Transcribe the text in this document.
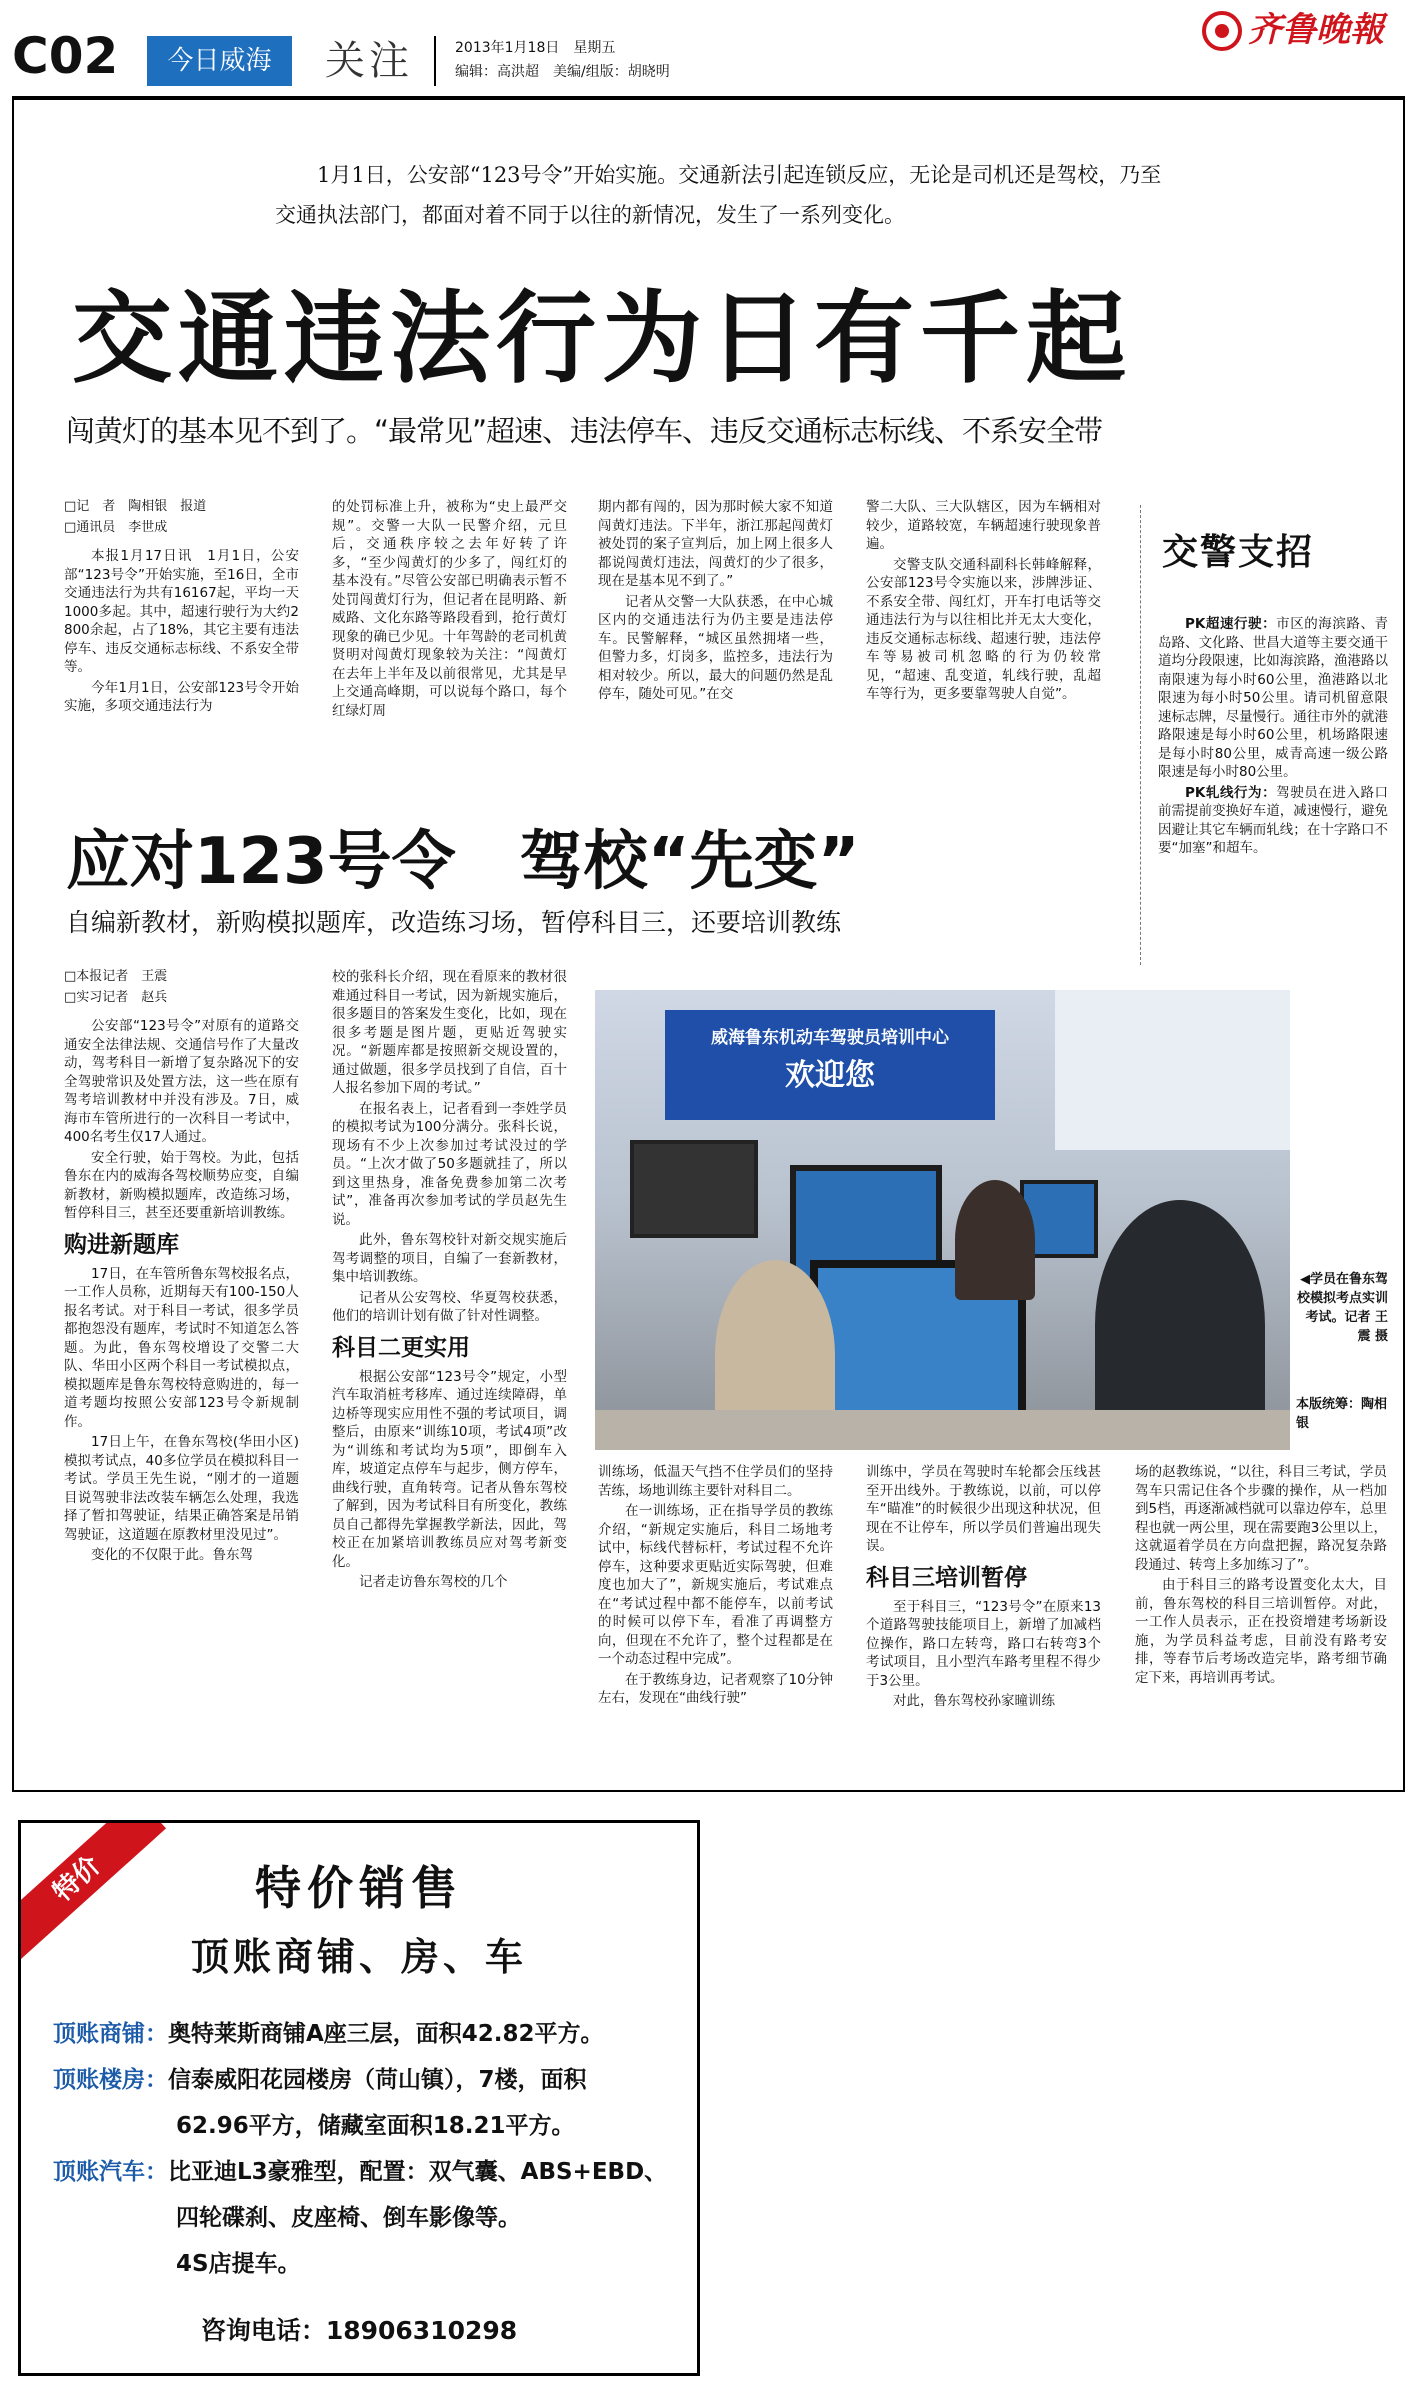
C02	今日威海	关注	2013年1月18日　星期五
编辑：高洪超　美编/组版：胡晓明
齐鲁晚報
1月1日，公安部“123号令”开始实施。交通新法引起连锁反应，无论是司机还是驾校，乃至交通执法部门，都面对着不同于以往的新情况，发生了一系列变化。
交通违法行为日有千起
闯黄灯的基本见不到了。“最常见”超速、违法停车、违反交通标志标线、不系安全带

□记　者　陶相银　报道

□通讯员　李世成

本报1月17日讯　1月1日，公安部“123号令”开始实施，至16日，全市交通违法行为共有16167起，平均一天1000多起。其中，超速行驶行为大约2800余起，占了18%，其它主要有违法停车、违反交通标志标线、不系安全带等。

今年1月1日，公安部123号令开始实施，多项交通违法行为

的处罚标准上升，被称为“史上最严交规”。交警一大队一民警介绍，元旦后，交通秩序较之去年好转了许多，“至少闯黄灯的少多了，闯红灯的基本没有。”尽管公安部已明确表示暂不处罚闯黄灯行为，但记者在昆明路、新威路、文化东路等路段看到，抢行黄灯现象的确已少见。十年驾龄的老司机黄贤明对闯黄灯现象较为关注：“闯黄灯在去年上半年及以前很常见，尤其是早上交通高峰期，可以说每个路口，每个红绿灯周

期内都有闯的，因为那时候大家不知道闯黄灯违法。下半年，浙江那起闯黄灯被处罚的案子宣判后，加上网上很多人都说闯黄灯违法，闯黄灯的少了很多，现在是基本见不到了。”

记者从交警一大队获悉，在中心城区内的交通违法行为仍主要是违法停车。民警解释，“城区虽然拥堵一些，但警力多，灯岗多，监控多，违法行为相对较少。所以，最大的问题仍然是乱停车，随处可见。”在交

警二大队、三大队辖区，因为车辆相对较少，道路较宽，车辆超速行驶现象普遍。

交警支队交通科副科长韩峰解释，公安部123号令实施以来，涉牌涉证、不系安全带、闯红灯，开车打电话等交通违法行为与以往相比并无太大变化，违反交通标志标线、超速行驶，违法停车等易被司机忽略的行为仍较常见，“超速、乱变道，轧线行驶，乱超车等行为，更多要靠驾驶人自觉”。

交警支招

PK超速行驶：市区的海滨路、青岛路、文化路、世昌大道等主要交通干道均分段限速，比如海滨路，渔港路以南限速为每小时60公里，渔港路以北限速为每小时50公里。请司机留意限速标志牌，尽量慢行。通往市外的就港路限速是每小时60公里，机场路限速是每小时80公里，威青高速一级公路限速是每小时80公里。

PK轧线行为：驾驶员在进入路口前需提前变换好车道，减速慢行，避免因避让其它车辆而轧线；在十字路口不要“加塞”和超车。

应对123号令　驾校“先变”
自编新教材，新购模拟题库，改造练习场，暂停科目三，还要培训教练

□本报记者　王震

□实习记者　赵兵

公安部“123号令”对原有的道路交通安全法律法规、交通信号作了大量改动，驾考科目一新增了复杂路况下的安全驾驶常识及处置方法，这一些在原有驾考培训教材中并没有涉及。7日，威海市车管所进行的一次科目一考试中，400名考生仅17人通过。

安全行驶，始于驾校。为此，包括鲁东在内的威海各驾校顺势应变，自编新教材，新购模拟题库，改造练习场，暂停科目三，甚至还要重新培训教练。

购进新题库

17日，在车管所鲁东驾校报名点，一工作人员称，近期每天有100-150人报名考试。对于科目一考试，很多学员都抱怨没有题库，考试时不知道怎么答题。为此，鲁东驾校增设了交警二大队、华田小区两个科目一考试模拟点，模拟题库是鲁东驾校特意购进的，每一道考题均按照公安部123号令新规制作。

17日上午，在鲁东驾校(华田小区)模拟考试点，40多位学员在模拟科目一考试。学员王先生说，“刚才的一道题目说驾驶非法改装车辆怎么处理，我选择了暂扣驾驶证，结果正确答案是吊销驾驶证，这道题在原教材里没见过”。

变化的不仅限于此。鲁东驾

校的张科长介绍，现在看原来的教材很难通过科目一考试，因为新规实施后，很多题目的答案发生变化，比如，现在很多考题是图片题，更贴近驾驶实况。“新题库都是按照新交规设置的，通过做题，很多学员找到了自信，百十人报名参加下周的考试。”

在报名表上，记者看到一李姓学员的模拟考试为100分满分。张科长说，现场有不少上次参加过考试没过的学员。“上次才做了50多题就挂了，所以到这里热身，准备免费参加第二次考试”，准备再次参加考试的学员赵先生说。

此外，鲁东驾校针对新交规实施后驾考调整的项目，自编了一套新教材，集中培训教练。

记者从公安驾校、华夏驾校获悉，他们的培训计划有做了针对性调整。

科目二更实用

根据公安部“123号令”规定，小型汽车取消桩考移库、通过连续障碍，单边桥等现实应用性不强的考试项目，调整后，由原来“训练10项，考试4项”改为“训练和考试均为5项”，即倒车入库，坡道定点停车与起步，侧方停车，曲线行驶，直角转弯。记者从鲁东驾校了解到，因为考试科目有所变化，教练员自己都得先掌握教学新法，因此，驾校正在加紧培训教练员应对驾考新变化。

记者走访鲁东驾校的几个

威海鲁东机动车驾驶员培训中心
欢迎您
◀学员在鲁东驾校模拟考点实训考试。记者 王震 摄
本版统筹：陶相银

训练场，低温天气挡不住学员们的坚持苦练，场地训练主要针对科目二。

在一训练场，正在指导学员的教练介绍，“新规定实施后，科目二场地考试中，标线代替标杆，考试过程不允许停车，这种要求更贴近实际驾驶，但难度也加大了”，新规实施后，考试难点在“考试过程中都不能停车，以前考试的时候可以停下车，看准了再调整方向，但现在不允许了，整个过程都是在一个动态过程中完成”。

在于教练身边，记者观察了10分钟左右，发现在“曲线行驶”

训练中，学员在驾驶时车轮都会压线甚至开出线外。于教练说，以前，可以停车“瞄准”的时候很少出现这种状况，但现在不让停车，所以学员们普遍出现失误。

科目三培训暂停

至于科目三，“123号令”在原来13个道路驾驶技能项目上，新增了加减档位操作，路口左转弯，路口右转弯3个考试项目，且小型汽车路考里程不得少于3公里。

对此，鲁东驾校孙家曈训练

场的赵教练说，“以往，科目三考试，学员驾车只需记住各个步骤的操作，从一档加到5档，再逐渐减档就可以靠边停车，总里程也就一两公里，现在需要跑3公里以上，这就逼着学员在方向盘把握，路况复杂路段通过、转弯上多加练习了”。

由于科目三的路考设置变化太大，目前，鲁东驾校的科目三培训暂停。对此，一工作人员表示，正在投资增建考场新设施，为学员科益考虑，目前没有路考安排，等春节后考场改造完毕，路考细节确定下来，再培训再考试。

特价	特价销售
顶账商铺、房、车
顶账商铺：奥特莱斯商铺A座三层，面积42.82平方。
顶账楼房：信泰威阳花园楼房（苘山镇），7楼，面积
62.96平方，储藏室面积18.21平方。
顶账汽车：比亚迪L3豪雅型，配置：双气囊、ABS+EBD、
四轮碟刹、皮座椅、倒车影像等。
4S店提车。
咨询电话：18906310298
